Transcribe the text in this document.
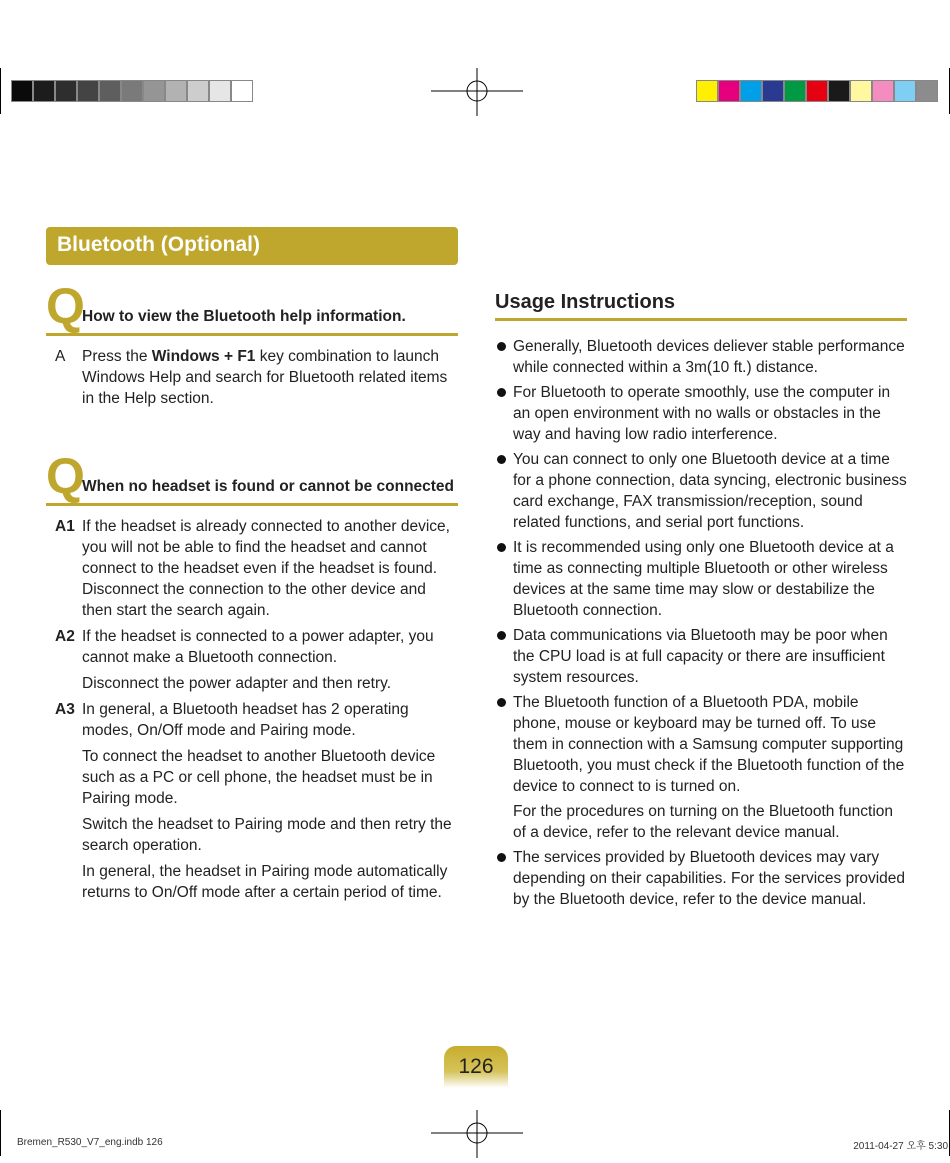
Bluetooth (Optional)
Q
How to view the Bluetooth help information.
A	Press the Windows + F1 key combination to launch Windows Help and search for Bluetooth related items in the Help section.

Q
When no headset is found or cannot be connected
A1 If the headset is already connected to another device, you will not be able to find the headset and cannot connect to the headset even if the headset is found. Disconnect the connection to the other device and then start the search again.

A2 If the headset is connected to a power adapter, you cannot make a Bluetooth connection.

Disconnect the power adapter and then retry.

A3 In general, a Bluetooth headset has 2 operating modes, On/Off mode and Pairing mode.

To connect the headset to another Bluetooth device such as a PC or cell phone, the headset must be in Pairing mode.

Switch the headset to Pairing mode and then retry the search operation.

In general, the headset in Pairing mode automatically returns to On/Off mode after a certain period of time.

Usage Instructions

Generally, Bluetooth devices deliever stable performance while connected within a 3m(10 ft.) distance.

For Bluetooth to operate smoothly, use the computer in an open environment with no walls or obstacles in the way and having low radio interference.

You can connect to only one Bluetooth device at a time for a phone connection, data syncing, electronic business card exchange, FAX transmission/reception, sound related functions, and serial port functions.

It is recommended using only one Bluetooth device at a time as connecting multiple Bluetooth or other wireless devices at the same time may slow or destabilize the Bluetooth connection.

Data communications via Bluetooth may be poor when the CPU load is at full capacity or there are insufficient system resources.

The Bluetooth function of a Bluetooth PDA, mobile phone, mouse or keyboard may be turned off. To use them in connection with a Samsung computer supporting Bluetooth, you must check if the Bluetooth function of the device to connect to is turned on.

For the procedures on turning on the Bluetooth function of a device, refer to the relevant device manual.

The services provided by Bluetooth devices may vary depending on their capabilities. For the services provided by the Bluetooth device, refer to the device manual.

126
Bremen_R530_V7_eng.indb 126	2011-04-27 오후 5:30
